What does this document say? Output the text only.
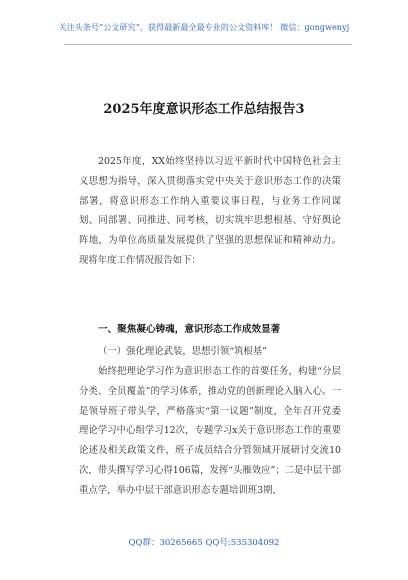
关注头条号“公文研究”，获得最新最全最专业的公文资料库！ 微信：gongwenyj
2025年度意识形态工作总结报告3

2025年度，XX始终坚持以习近平新时代中国特色社会主义思想为指导，深入贯彻落实党中央关于意识形态工作的决策部署，将意识形态工作纳入重要议事日程，与业务工作同谋划、同部署、同推进、同考核，切实筑牢思想根基、守好舆论阵地，为单位高质量发展提供了坚强的思想保证和精神动力。现将年度工作情况报告如下：

一、聚焦凝心铸魂，意识形态工作成效显著
（一）强化理论武装，思想引领“筑根基”

始终把理论学习作为意识形态工作的首要任务，构建“分层分类、全员覆盖”的学习体系，推动党的创新理论入脑入心。一是领导班子带头学，严格落实“第一议题”制度，全年召开党委理论学习中心组学习12次，专题学习x关于意识形态工作的重要论述及相关政策文件，班子成员结合分管领域开展研讨交流10次，带头撰写学习心得106篇，发挥“头雁效应”；二是中层干部重点学，举办中层干部意识形态专题培训班3期，

QQ群：30265665 QQ号:535304092
